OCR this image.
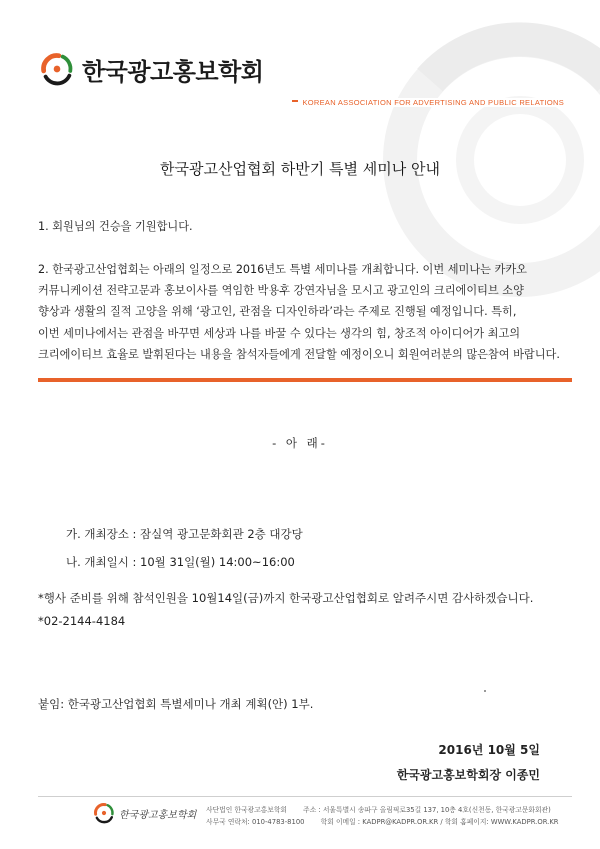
한국광고홍보학회
KOREAN ASSOCIATION FOR ADVERTISING AND PUBLIC RELATIONS
한국광고산업협회 하반기 특별 세미나 안내
1. 회원님의 건승을 기원합니다.
2. 한국광고산업협회는 아래의 일정으로 2016년도 특별 세미나를 개최합니다. 이번 세미나는 카카오
커뮤니케이션 전략고문과 홍보이사를 역임한 박용후 강연자님을 모시고 광고인의 크리에이티브 소양
향상과 생활의 질적 고양을 위해 ‘광고인, 관점을 디자인하라’라는 주제로 진행될 예정입니다. 특히,
이번 세미나에서는 관점을 바꾸면 세상과 나를 바꿀 수 있다는 생각의 힘, 창조적 아이디어가 최고의
크리에이티브 효율로 발휘된다는 내용을 참석자들에게 전달할 예정이오니 회원여러분의 많은참여 바랍니다.
- 아 래-
가. 개최장소 : 잠실역 광고문화회관 2층 대강당
나. 개최일시 : 10월 31일(월) 14:00~16:00
*행사 준비를 위해 참석인원을 10월14일(금)까지 한국광고산업협회로 알려주시면 감사하겠습니다.
*02-2144-4184
붙임: 한국광고산업협회 특별세미나 개최 계획(안) 1부.
2016년 10월 5일
한국광고홍보학회장 이종민
한국광고홍보학회 사단법인 한국광고홍보학회 주소 : 서울특별시 송파구 올림픽로35길 137, 10층 4호(신천동, 한국광고문화회관)
사무국 연락처: 010-4783-8100 학회 이메일 : KADPR@KADPR.OR.KR / 학회 홈페이지: WWW.KADPR.OR.KR
